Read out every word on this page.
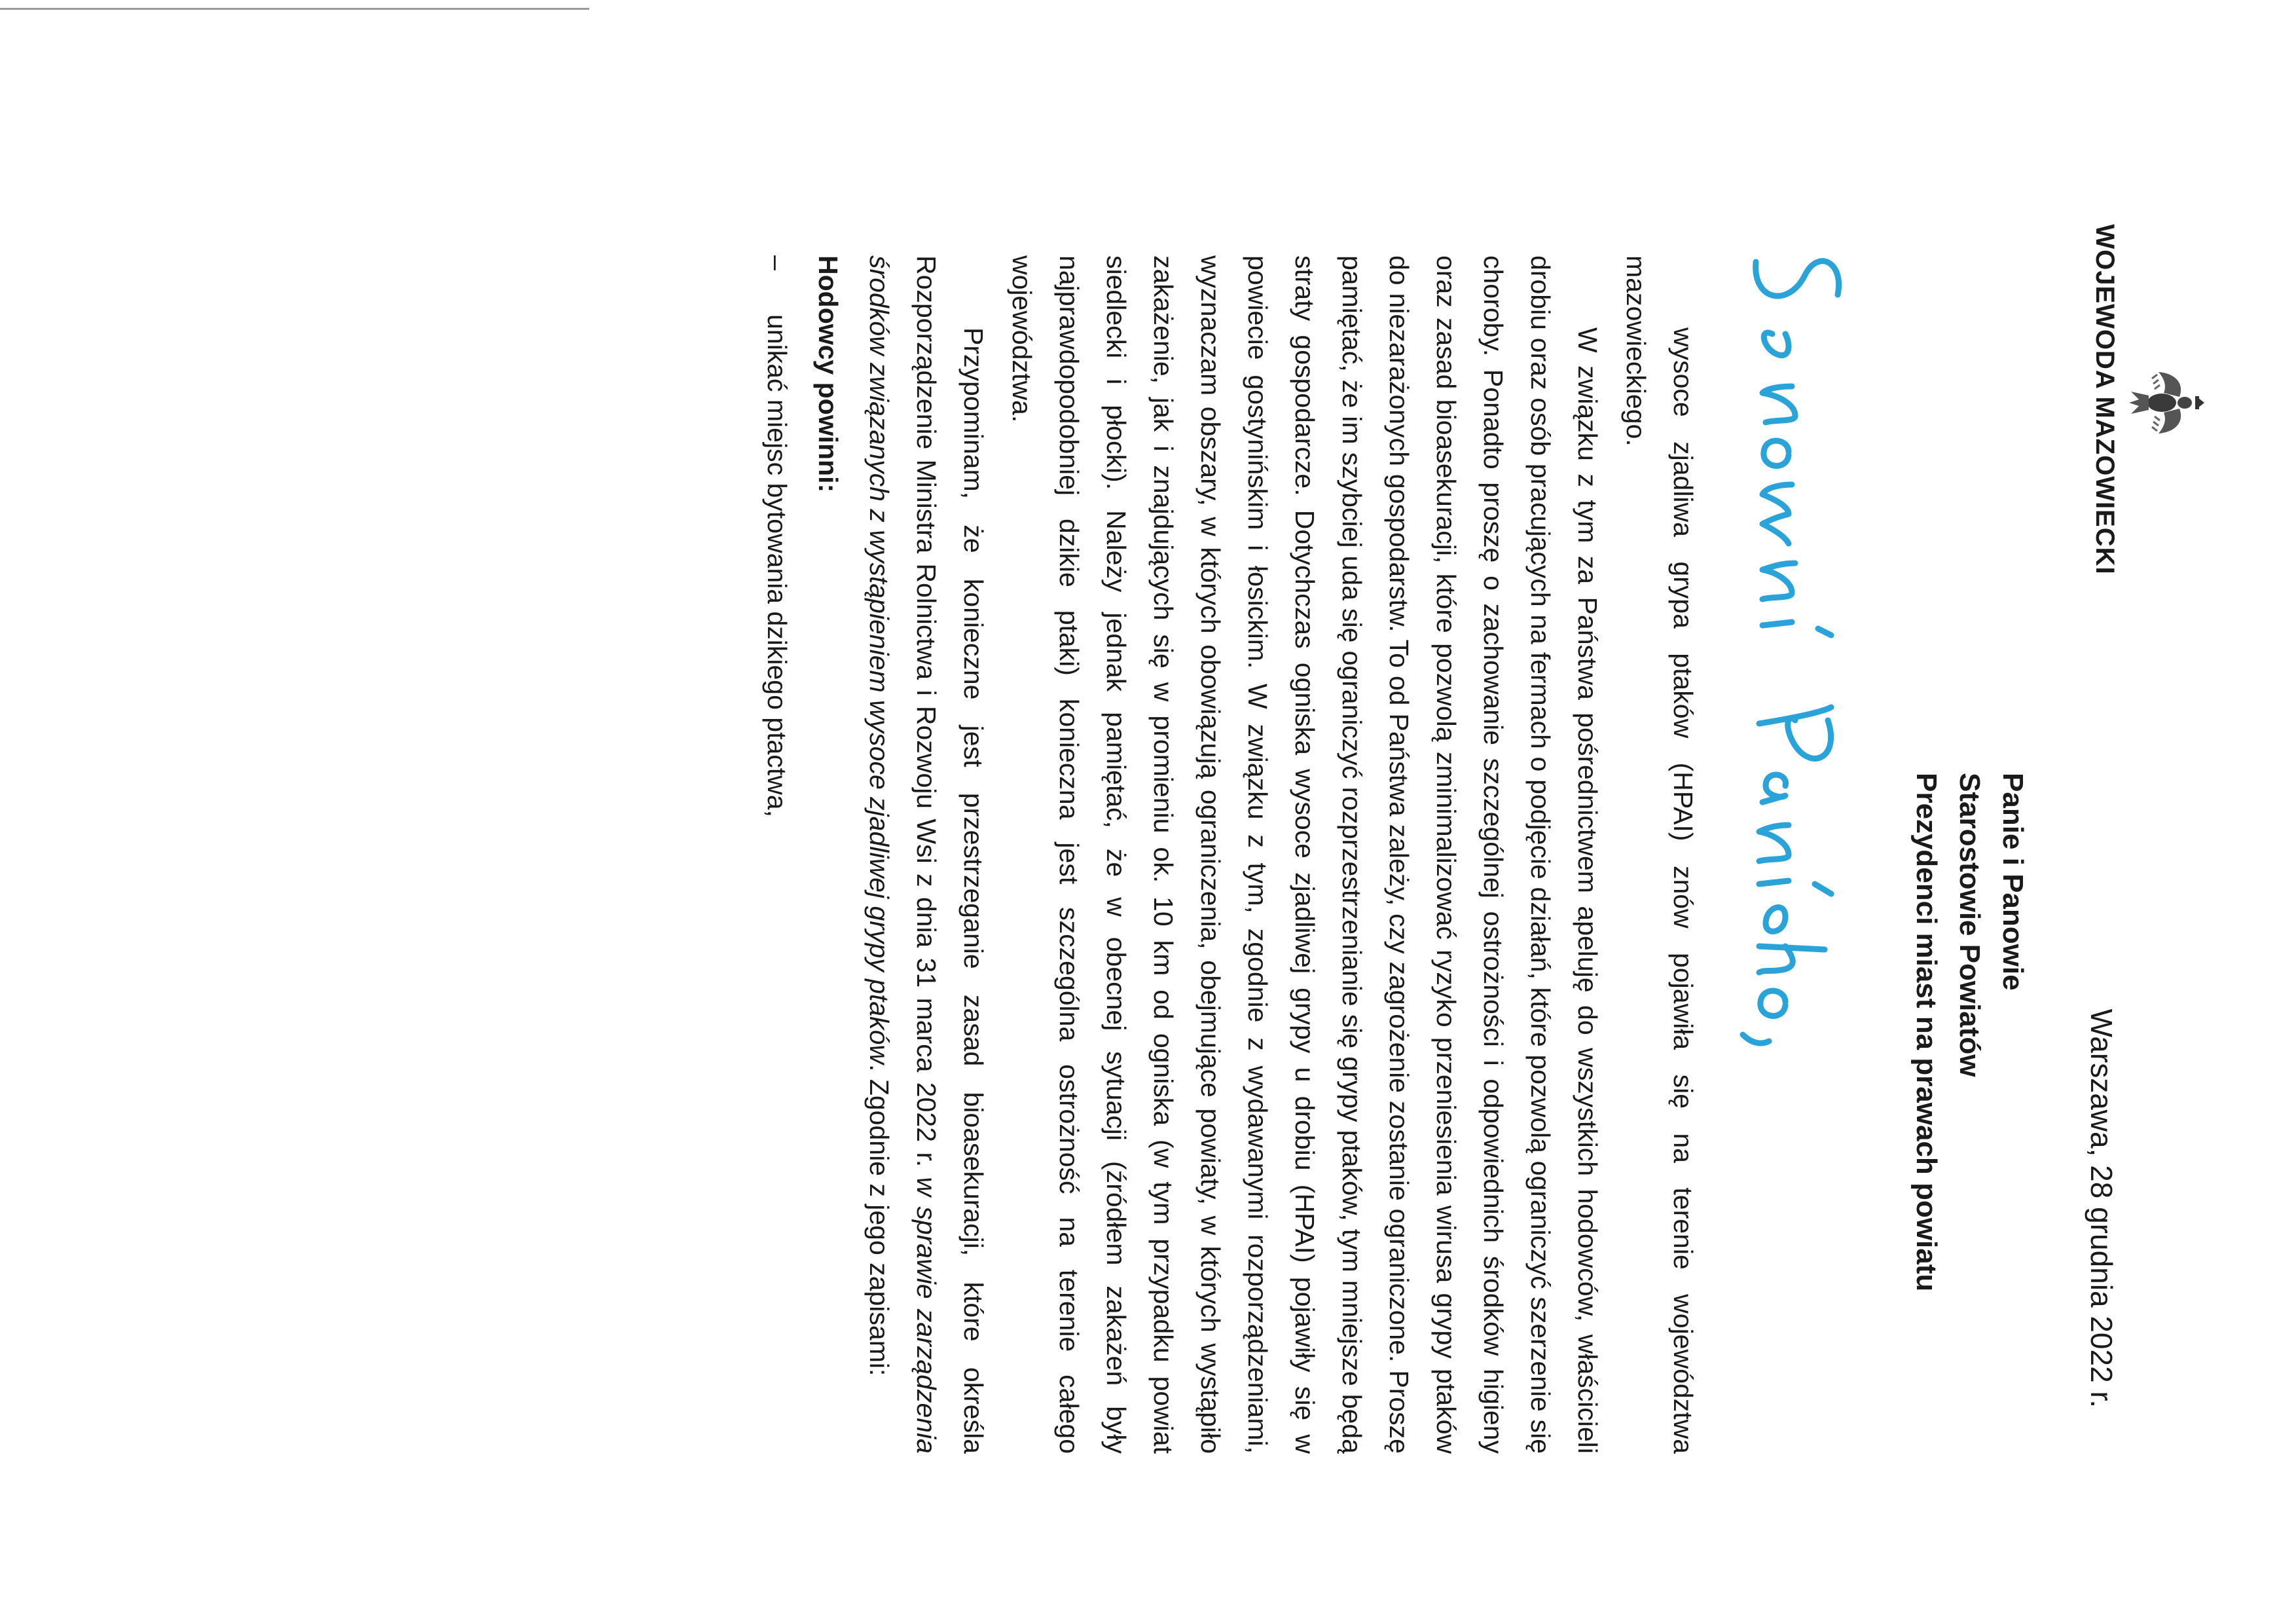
WOJEWODA MAZOWIECKI
Warszawa, 28 grudnia 2022 r.
Panie i Panowie
Starostowie Powiatów
Prezydenci miast na prawach powiatu

wysoce zjadliwa grypa ptaków (HPAI) znów pojawiła się na terenie województwa mazowieckiego.

W związku z tym za Państwa pośrednictwem apeluję do wszystkich hodowców, właścicieli drobiu oraz osób pracujących na fermach o podjęcie działań, które pozwolą ograniczyć szerzenie się choroby. Ponadto proszę o zachowanie szczególnej ostrożności i odpowiednich środków higieny oraz zasad bioasekuracji, które pozwolą zminimalizować ryzyko przeniesienia wirusa grypy ptaków do niezarażonych gospodarstw. To od Państwa zależy, czy zagrożenie zostanie ograniczone. Proszę pamiętać, że im szybciej uda się ograniczyć rozprzestrzenianie się grypy ptaków, tym mniejsze będą straty gospodarcze. Dotychczas ogniska wysoce zjadliwej grypy u drobiu (HPAI) pojawiły się w powiecie gostynińskim i łosickim. W związku z tym, zgodnie z wydawanymi rozporządzeniami, wyznaczam obszary, w których obowiązują ograniczenia, obejmujące powiaty, w których wystąpiło zakażenie, jak i znajdujących się w promieniu ok. 10 km od ogniska (w tym przypadku powiat siedlecki i płocki). Należy jednak pamiętać, że w obecnej sytuacji (źródłem zakażeń były najprawdopodobniej dzikie ptaki) konieczna jest szczególna ostrożność na terenie całego województwa.

Przypominam, że konieczne jest przestrzeganie zasad bioasekuracji, które określa Rozporządzenie Ministra Rolnictwa i Rozwoju Wsi z dnia 31 marca 2022 r. w sprawie zarządzenia środków związanych z wystąpieniem wysoce zjadliwej grypy ptaków. Zgodnie z jego zapisami:

Hodowcy powinni:
–
unikać miejsc bytowania dzikiego ptactwa,
